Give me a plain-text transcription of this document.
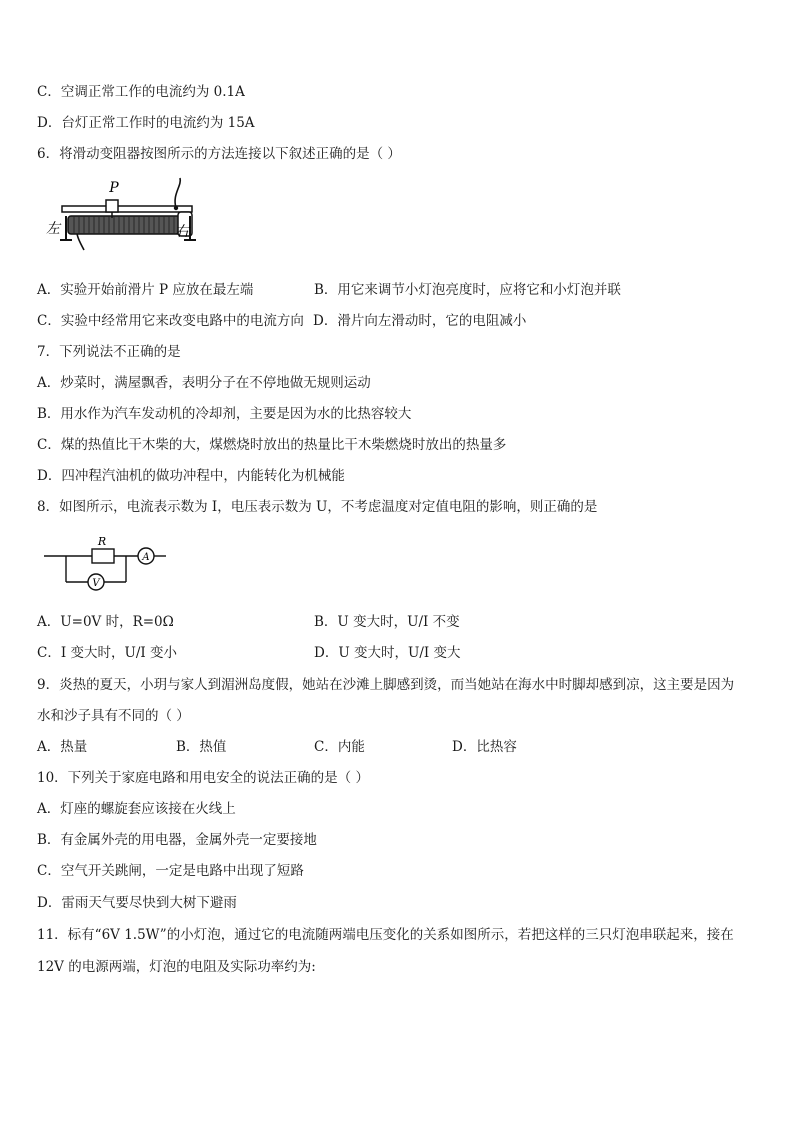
C．空调正常工作的电流约为 0.1A
D．台灯正常工作时的电流约为 15A
6．将滑动变阻器按图所示的方法连接以下叙述正确的是（ ）
P
左	右
A．实验开始前滑片 P 应放在最左端	B．用它来调节小灯泡亮度时，应将它和小灯泡并联
C．实验中经常用它来改变电路中的电流方向 D．滑片向左滑动时，它的电阻减小
7．下列说法不正确的是
A．炒菜时，满屋飘香，表明分子在不停地做无规则运动
B．用水作为汽车发动机的冷却剂，主要是因为水的比热容较大
C．煤的热值比干木柴的大，煤燃烧时放出的热量比干木柴燃烧时放出的热量多
D．四冲程汽油机的做功冲程中，内能转化为机械能
8．如图所示，电流表示数为 I，电压表示数为 U，不考虑温度对定值电阻的影响，则正确的是
R
A
V
A．U=0V 时，R=0Ω	B．U 变大时，U/I 不变
C．I 变大时，U/I 变小	D．U 变大时，U/I 变大
9．炎热的夏天，小玥与家人到湄洲岛度假，她站在沙滩上脚感到烫，而当她站在海水中时脚却感到凉，这主要是因为
水和沙子具有不同的（ ）
A．热量	B．热值	C．内能	D．比热容
10．下列关于家庭电路和用电安全的说法正确的是（ ）
A．灯座的螺旋套应该接在火线上
B．有金属外壳的用电器，金属外壳一定要接地
C．空气开关跳闸，一定是电路中出现了短路
D．雷雨天气要尽快到大树下避雨
11．标有“6V 1.5W”的小灯泡，通过它的电流随两端电压变化的关系如图所示，若把这样的三只灯泡串联起来，接在
12V 的电源两端，灯泡的电阻及实际功率约为:
